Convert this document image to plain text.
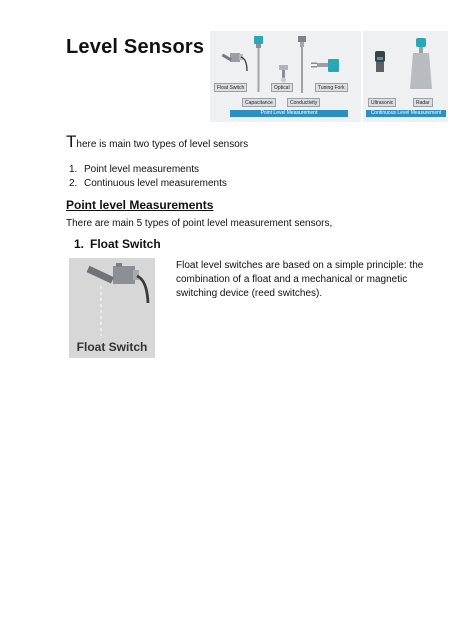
Level Sensors
Float Switch	Optical	Tuning Fork
Capacitance	Conductivity	Ultrasonic	Radar
Point Level Measurement	Continuous Level Measurement
There is main two types of level sensors
1. Point level measurements
2. Continuous level measurements
Point level Measurements
There are main 5 types of point level measurement sensors,
1. Float Switch
Float Switch
Float level switches are based on a simple principle: the combination of a float and a mechanical or magnetic switching device (reed switches).
